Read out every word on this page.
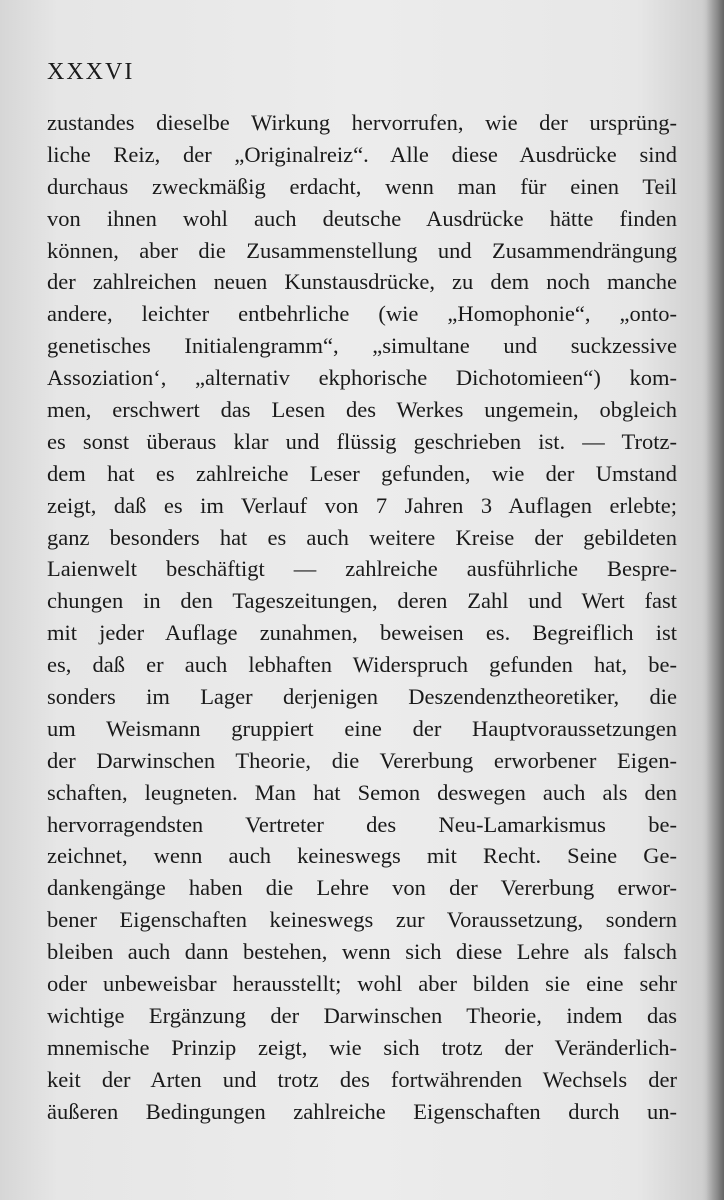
XXXVI
zustandes dieselbe Wirkung hervorrufen, wie der ursprüng-
liche Reiz, der „Originalreiz“. Alle diese Ausdrücke sind
durchaus zweckmäßig erdacht, wenn man für einen Teil
von ihnen wohl auch deutsche Ausdrücke hätte finden
können, aber die Zusammenstellung und Zusammendrängung
der zahlreichen neuen Kunstausdrücke, zu dem noch manche
andere, leichter entbehrliche (wie „Homophonie“, „onto-
genetisches Initialengramm“, „simultane und suckzessive
Assoziation‘, „alternativ ekphorische Dichotomieen“) kom-
men, erschwert das Lesen des Werkes ungemein, obgleich
es sonst überaus klar und flüssig geschrieben ist. — Trotz-
dem hat es zahlreiche Leser gefunden, wie der Umstand
zeigt, daß es im Verlauf von 7 Jahren 3 Auflagen erlebte;
ganz besonders hat es auch weitere Kreise der gebildeten
Laienwelt beschäftigt — zahlreiche ausführliche Bespre-
chungen in den Tageszeitungen, deren Zahl und Wert fast
mit jeder Auflage zunahmen, beweisen es. Begreiflich ist
es, daß er auch lebhaften Widerspruch gefunden hat, be-
sonders im Lager derjenigen Deszendenztheoretiker, die
um Weismann gruppiert eine der Hauptvoraussetzungen
der Darwinschen Theorie, die Vererbung erworbener Eigen-
schaften, leugneten. Man hat Semon deswegen auch als den
hervorragendsten Vertreter des Neu-Lamarkismus be-
zeichnet, wenn auch keineswegs mit Recht. Seine Ge-
dankengänge haben die Lehre von der Vererbung erwor-
bener Eigenschaften keineswegs zur Voraussetzung, sondern
bleiben auch dann bestehen, wenn sich diese Lehre als falsch
oder unbeweisbar herausstellt; wohl aber bilden sie eine sehr
wichtige Ergänzung der Darwinschen Theorie, indem das
mnemische Prinzip zeigt, wie sich trotz der Veränderlich-
keit der Arten und trotz des fortwährenden Wechsels der
äußeren Bedingungen zahlreiche Eigenschaften durch un-
